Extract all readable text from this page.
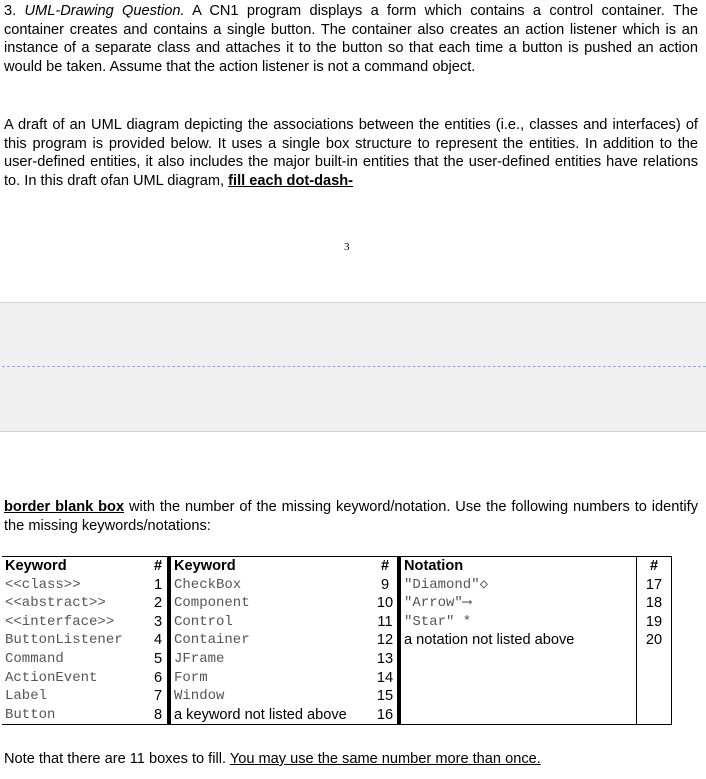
3. UML-Drawing Question. A CN1 program displays a form which contains a control container. The container creates and contains a single button. The container also creates an action listener which is an instance of a separate class and attaches it to the button so that each time a button is pushed an action would be taken. Assume that the action listener is not a command object.
A draft of an UML diagram depicting the associations between the entities (i.e., classes and interfaces) of this program is provided below. It uses a single box structure to represent the entities. In addition to the user-defined entities, it also includes the major built-in entities that the user-defined entities have relations to. In this draft ofan UML diagram, fill each dot-dash-
3
border blank box with the number of the missing keyword/notation. Use the following numbers to identify the missing keywords/notations:
Keyword	#	Keyword	#	Notation	#
<<class>>	1	CheckBox	9	"Diamond"◇	17
<<abstract>>	2	Component	10	"Arrow"⟶	18
<<interface>>	3	Control	11	"Star" *	19
ButtonListener	4	Container	12	a notation not listed above	20
Command	5	JFrame	13		
ActionEvent	6	Form	14		
Label	7	Window	15		
Button	8	a keyword not listed above	16		
Note that there are 11 boxes to fill. You may use the same number more than once.
